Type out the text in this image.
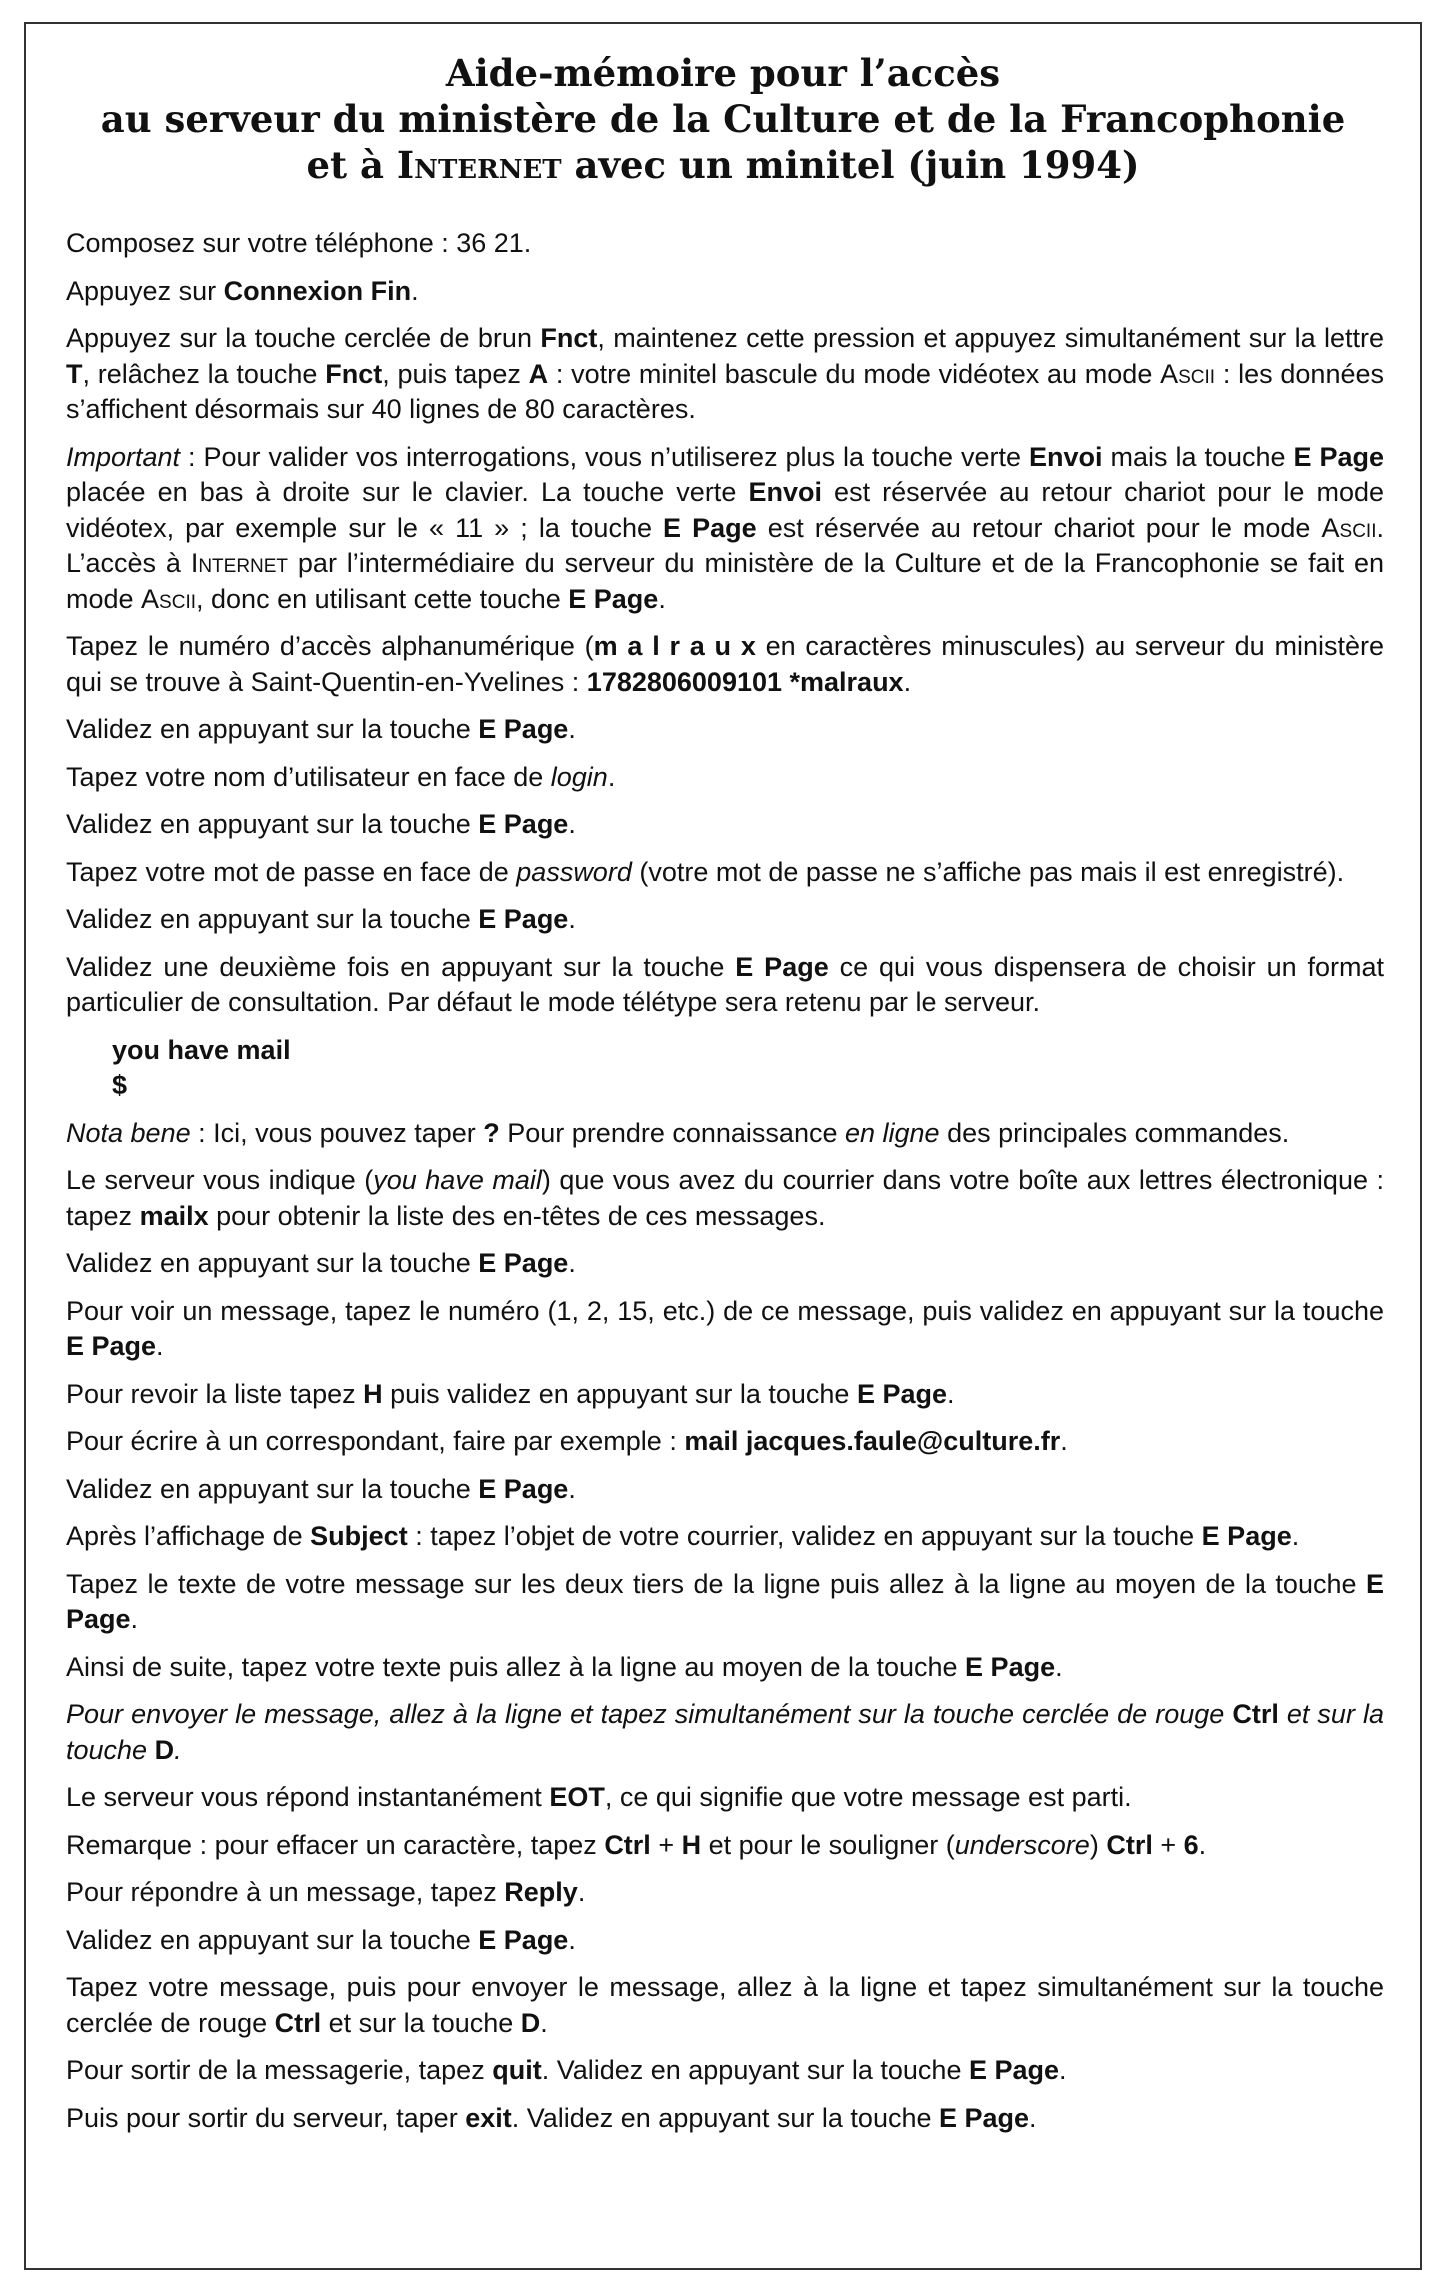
Aide-mémoire pour l’accès
au serveur du ministère de la Culture et de la Francophonie
et à Internet avec un minitel (juin 1994)
Composez sur votre téléphone : 36 21.
Appuyez sur Connexion Fin.
Appuyez sur la touche cerclée de brun Fnct, maintenez cette pression et appuyez simultanément sur la lettre T, relâchez la touche Fnct, puis tapez A : votre minitel bascule du mode vidéotex au mode Ascii : les données s’affichent désormais sur 40 lignes de 80 caractères.
Important : Pour valider vos interrogations, vous n’utiliserez plus la touche verte Envoi mais la touche E Page placée en bas à droite sur le clavier. La touche verte Envoi est réservée au retour chariot pour le mode vidéotex, par exemple sur le « 11 » ; la touche E Page est réservée au retour chariot pour le mode Ascii. L’accès à Internet par l’intermédiaire du serveur du ministère de la Culture et de la Francophonie se fait en mode Ascii, donc en utilisant cette touche E Page.
Tapez le numéro d’accès alphanumérique (m a l r a u x en caractères minuscules) au serveur du ministère qui se trouve à Saint-Quentin-en-Yvelines : 1782806009101 *malraux.
Validez en appuyant sur la touche E Page.
Tapez votre nom d’utilisateur en face de login.
Validez en appuyant sur la touche E Page.
Tapez votre mot de passe en face de password (votre mot de passe ne s’affiche pas mais il est enregistré).
Validez en appuyant sur la touche E Page.
Validez une deuxième fois en appuyant sur la touche E Page ce qui vous dispensera de choisir un format particulier de consultation. Par défaut le mode télétype sera retenu par le serveur.
you have mail
$
Nota bene : Ici, vous pouvez taper ? Pour prendre connaissance en ligne des principales commandes.
Le serveur vous indique (you have mail) que vous avez du courrier dans votre boîte aux lettres électronique : tapez mailx pour obtenir la liste des en-têtes de ces messages.
Validez en appuyant sur la touche E Page.
Pour voir un message, tapez le numéro (1, 2, 15, etc.) de ce message, puis validez en appuyant sur la touche E Page.
Pour revoir la liste tapez H puis validez en appuyant sur la touche E Page.
Pour écrire à un correspondant, faire par exemple : mail jacques.faule@culture.fr.
Validez en appuyant sur la touche E Page.
Après l’affichage de Subject : tapez l’objet de votre courrier, validez en appuyant sur la touche E Page.
Tapez le texte de votre message sur les deux tiers de la ligne puis allez à la ligne au moyen de la touche E Page.
Ainsi de suite, tapez votre texte puis allez à la ligne au moyen de la touche E Page.
Pour envoyer le message, allez à la ligne et tapez simultanément sur la touche cerclée de rouge Ctrl et sur la touche D.
Le serveur vous répond instantanément EOT, ce qui signifie que votre message est parti.
Remarque : pour effacer un caractère, tapez Ctrl + H et pour le souligner (underscore) Ctrl + 6.
Pour répondre à un message, tapez Reply.
Validez en appuyant sur la touche E Page.
Tapez votre message, puis pour envoyer le message, allez à la ligne et tapez simultanément sur la touche cerclée de rouge Ctrl et sur la touche D.
Pour sortir de la messagerie, tapez quit. Validez en appuyant sur la touche E Page.
Puis pour sortir du serveur, taper exit. Validez en appuyant sur la touche E Page.
